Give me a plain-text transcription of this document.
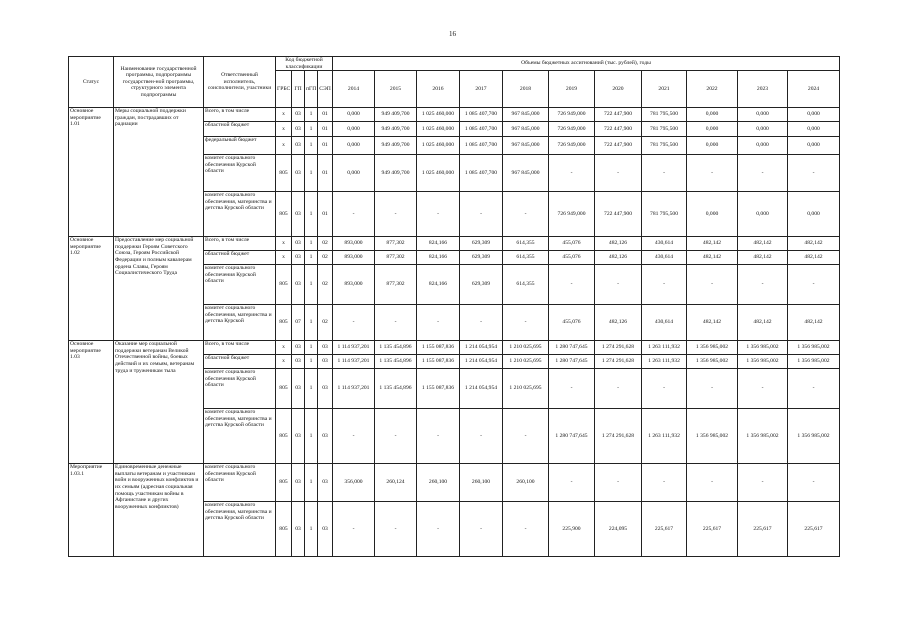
16
Статус	Наименование государственной программы, подпрограммы государствен-ной программы, структурного элемента подпрограммы	Ответственный исполнитель, соисполнители, участники	Код бюджетной классификации				Объемы бюджетных ассигнований (тыс. рублей), годы										
			ГРБС	ГП	пГП	СЭП	2014	2015	2016	2017	2018	2019	2020	2021	2022	2023	2024
Основное мероприятие 1.01	Меры социальной поддержки граждан, пострадавших от радиации	Всего, в том числе	x	03	1	01	0,000	949 409,700	1 025 460,000	1 085 407,700	967 845,000	726 949,000	722 447,900	781 795,500	0,000	0,000	0,000
		областной бюджет	x	03	1	01	0,000	949 409,700	1 025 460,000	1 085 407,700	967 845,000	726 949,000	722 447,900	781 795,500	0,000	0,000	0,000
		федеральный бюджет	x	03	1	01	0,000	949 409,700	1 025 460,000	1 085 407,700	967 845,000	726 949,000	722 447,900	781 795,500	0,000	0,000	0,000
		комитет социального обеспечения Курской области	805	03	1	01	0,000	949 409,700	1 025 460,000	1 085 407,700	967 845,000	-	-	-	-	-	-
		комитет социального обеспечения, материнства и детства Курской области	805	03	1	01	-	-	-	-	-	726 949,000	722 447,900	781 795,500	0,000	0,000	0,000
Основное мероприятие 1.02	Предоставление мер социальной поддержки Героям Советского Союза, Героям Российской Федерации и полным кавалерам ордена Славы, Героям Социалистического Труда	Всего, в том числе	x	03	1	02	893,000	877,302	824,166	629,309	614,355	455,076	482,126	430,614	482,142	482,142	482,142
		областной бюджет	x	03	1	02	893,000	877,302	824,166	629,309	614,355	455,076	482,126	430,614	482,142	482,142	482,142
		комитет социального обеспечения Курской области	805	03	1	02	893,000	877,302	824,166	629,309	614,355	-	-	-	-	-	-
		комитет социального обеспечения, материнства и детства Курской	805	07	1	02	-	-	-	-	-	455,076	482,126	430,614	482,142	482,142	482,142
Основное мероприятие 1.03	Оказание мер социальной поддержки ветеранам Великой Отечественной войны, боевых действий и их семьям, ветеранам труда и труженикам тыла	Всего, в том числе	x	03	1	03	1 114 937,201	1 135 454,896	1 155 087,836	1 214 054,954	1 210 025,695	1 280 747,645	1 274 291,628	1 263 111,932	1 356 985,002	1 356 985,002	1 356 985,002
		областной бюджет	x	03	1	03	1 114 937,201	1 135 454,896	1 155 087,836	1 214 054,954	1 210 025,695	1 280 747,645	1 274 291,628	1 263 111,932	1 356 985,002	1 356 985,002	1 356 985,002
		комитет социального обеспечения Курской области	805	03	1	03	1 114 937,201	1 135 454,896	1 155 087,836	1 214 054,954	1 210 025,695	-	-	-	-	-	-
		комитет социального обеспечения, материнства и детства Курской области	805	03	1	03	-	-	-	-	-	1 280 747,645	1 274 291,628	1 263 111,932	1 356 985,002	1 356 985,002	1 356 985,002
Мероприятие 1.03.1	Единовременные денежные выплаты ветеранам и участникам войн и вооруженных конфликтов и их семьям (адресная социальная помощь участникам войны в Афганистане и других вооруженных конфликтов)	комитет социального обеспечения Курской области	805	03	1	03	356,000	260,124	260,100	260,100	260,100	-	-	-	-	-	-
		комитет социального обеспечения, материнства и детства Курской области	805	03	1	03	-	-	-	-	-	225,900	224,095	225,617	225,617	225,617	225,617
